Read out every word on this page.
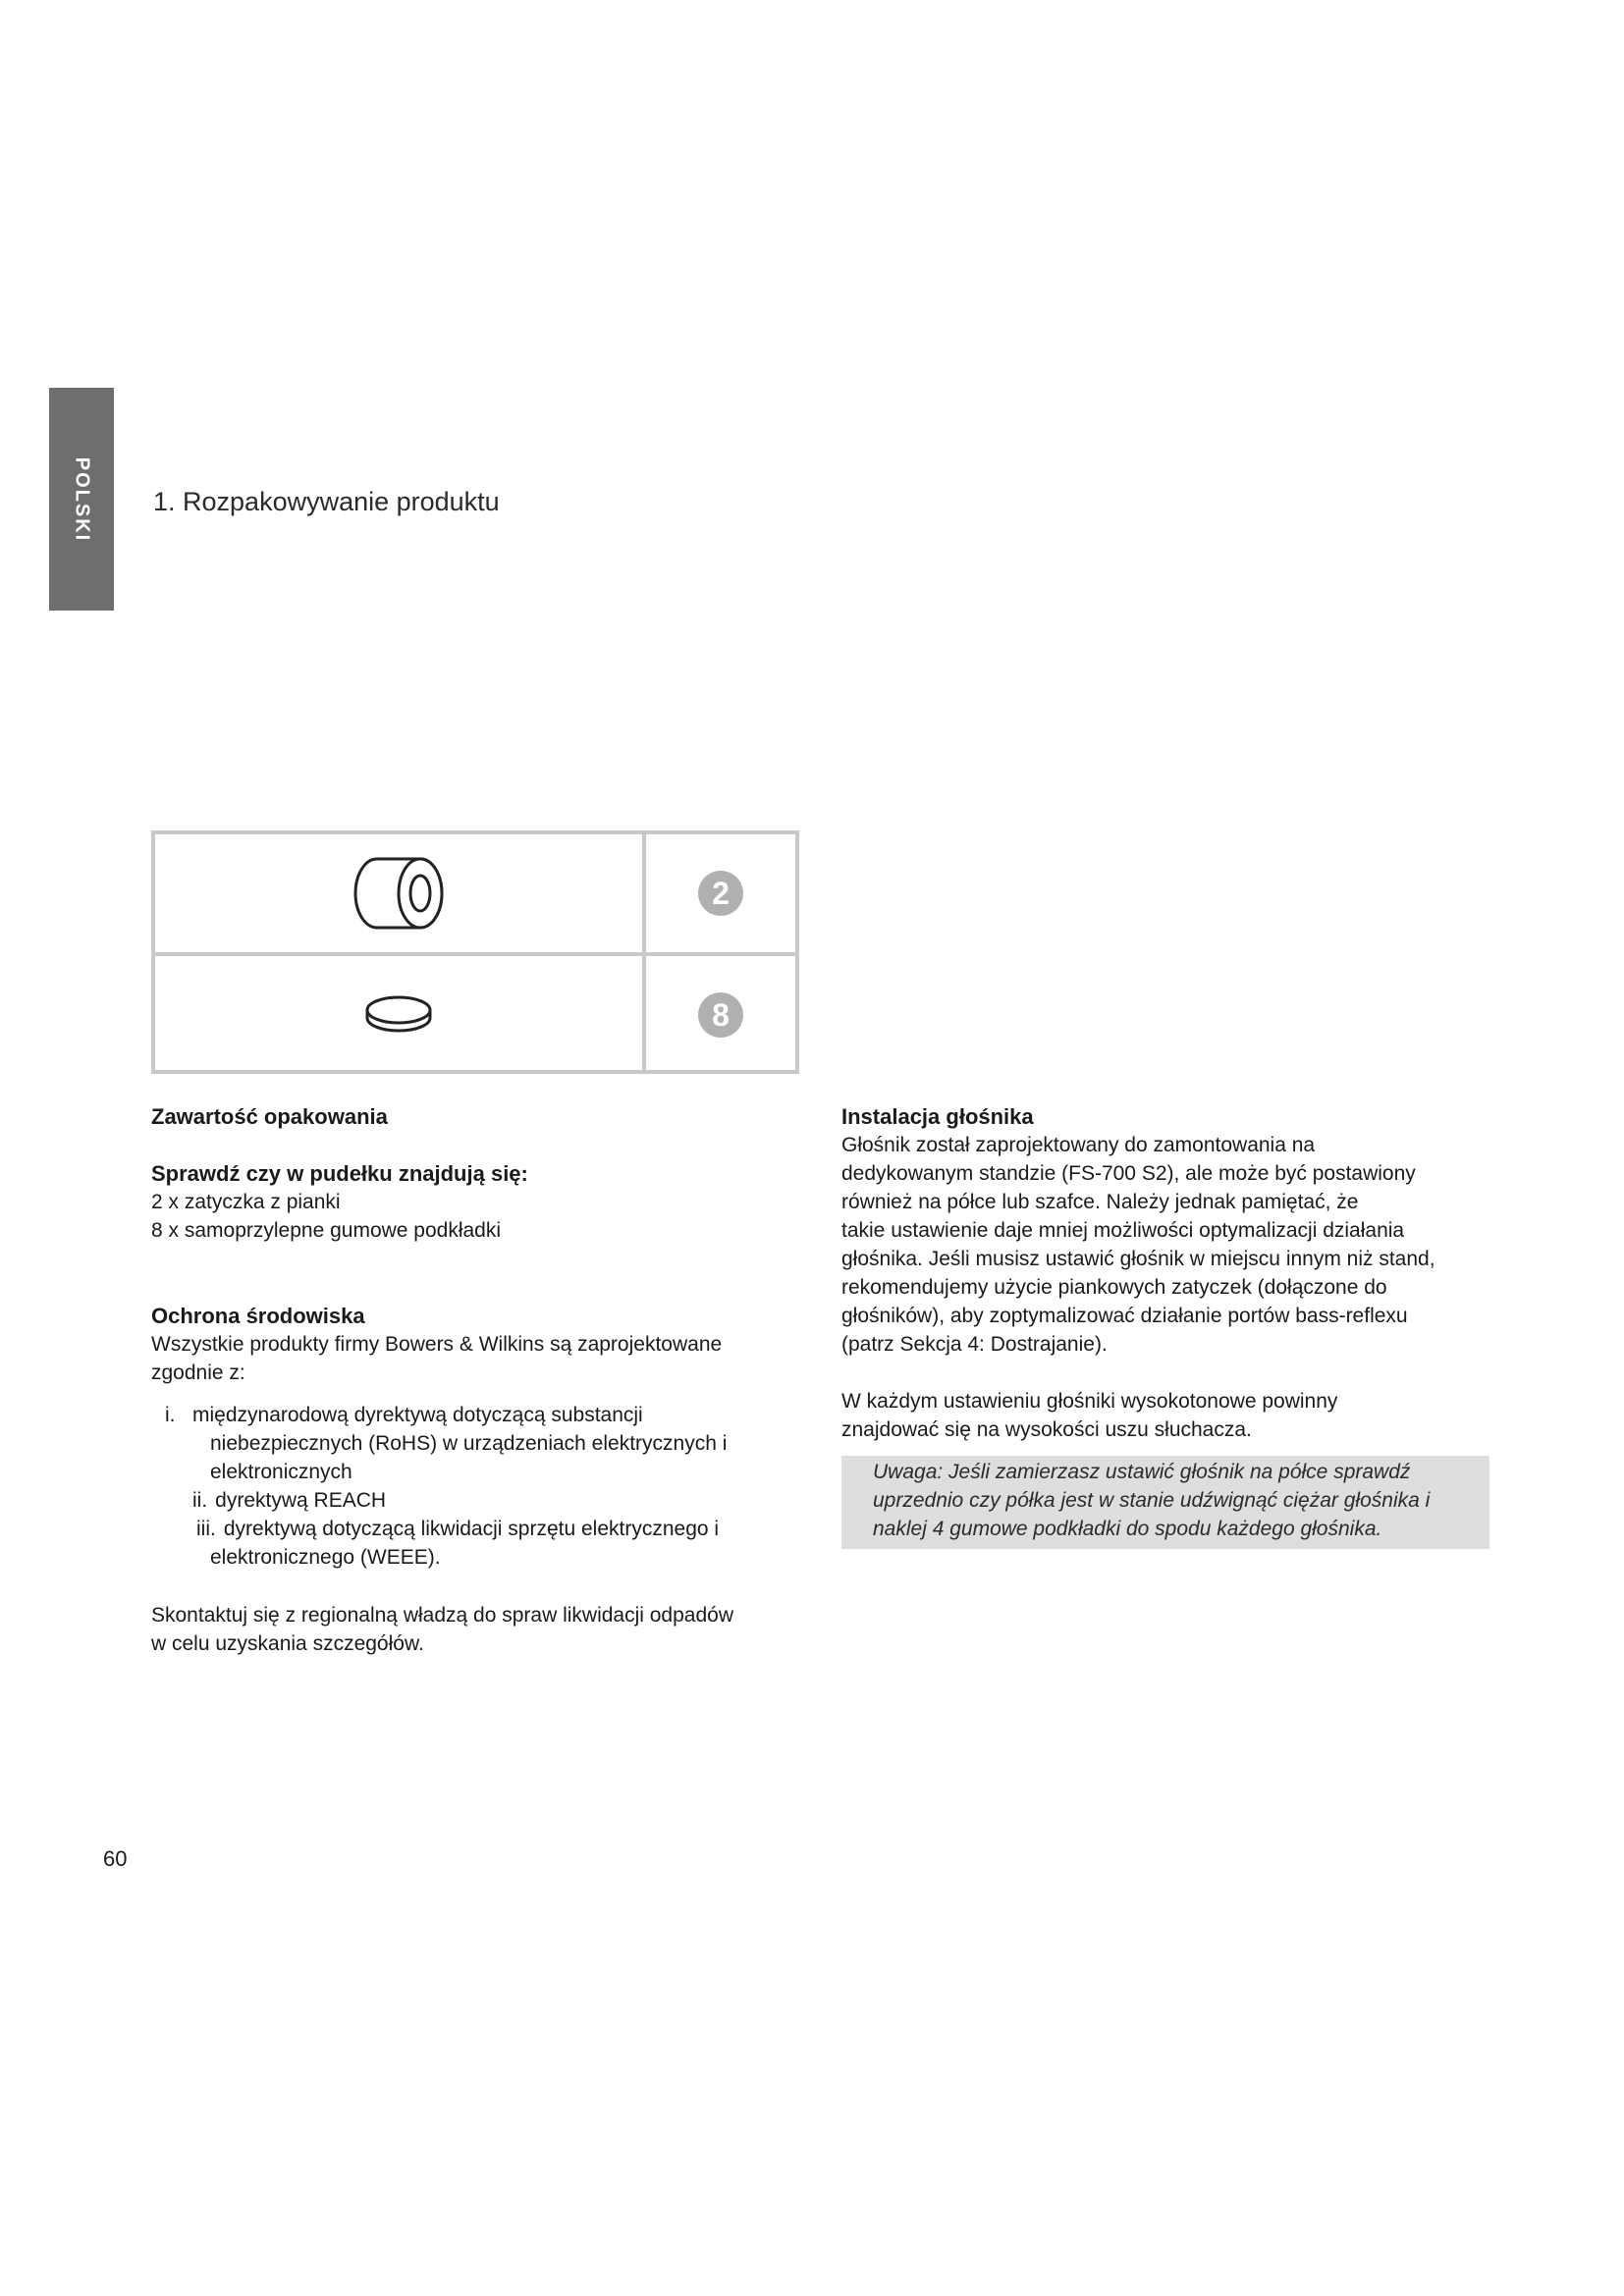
POLSKI 1. Rozpakowywanie produktu
2
8
Zawartość opakowania
Sprawdź czy w pudełku znajdują się:

2 x zatyczka z pianki

8 x samoprzylepne gumowe podkładki

Ochrona środowiska

Wszystkie produkty firmy Bowers & Wilkins są zaprojektowane

zgodnie z:

i. międzynarodową dyrektywą dotyczącą substancji
niebezpiecznych (RoHS) w urządzeniach elektrycznych i
elektronicznych
ii. dyrektywą REACH
iii. dyrektywą dotyczącą likwidacji sprzętu elektrycznego i
elektronicznego (WEEE).

Skontaktuj się z regionalną władzą do spraw likwidacji odpadów

w celu uzyskania szczegółów.

Instalacja głośnika

Głośnik został zaprojektowany do zamontowania na

dedykowanym standzie (FS-700 S2), ale może być postawiony

również na półce lub szafce. Należy jednak pamiętać, że

takie ustawienie daje mniej możliwości optymalizacji działania

głośnika. Jeśli musisz ustawić głośnik w miejscu innym niż stand,

rekomendujemy użycie piankowych zatyczek (dołączone do

głośników), aby zoptymalizować działanie portów bass-reflexu

(patrz Sekcja 4: Dostrajanie).

W każdym ustawieniu głośniki wysokotonowe powinny

znajdować się na wysokości uszu słuchacza.

Uwaga: Jeśli zamierzasz ustawić głośnik na półce sprawdź

uprzednio czy półka jest w stanie udźwignąć ciężar głośnika i

naklej 4 gumowe podkładki do spodu każdego głośnika.

60
